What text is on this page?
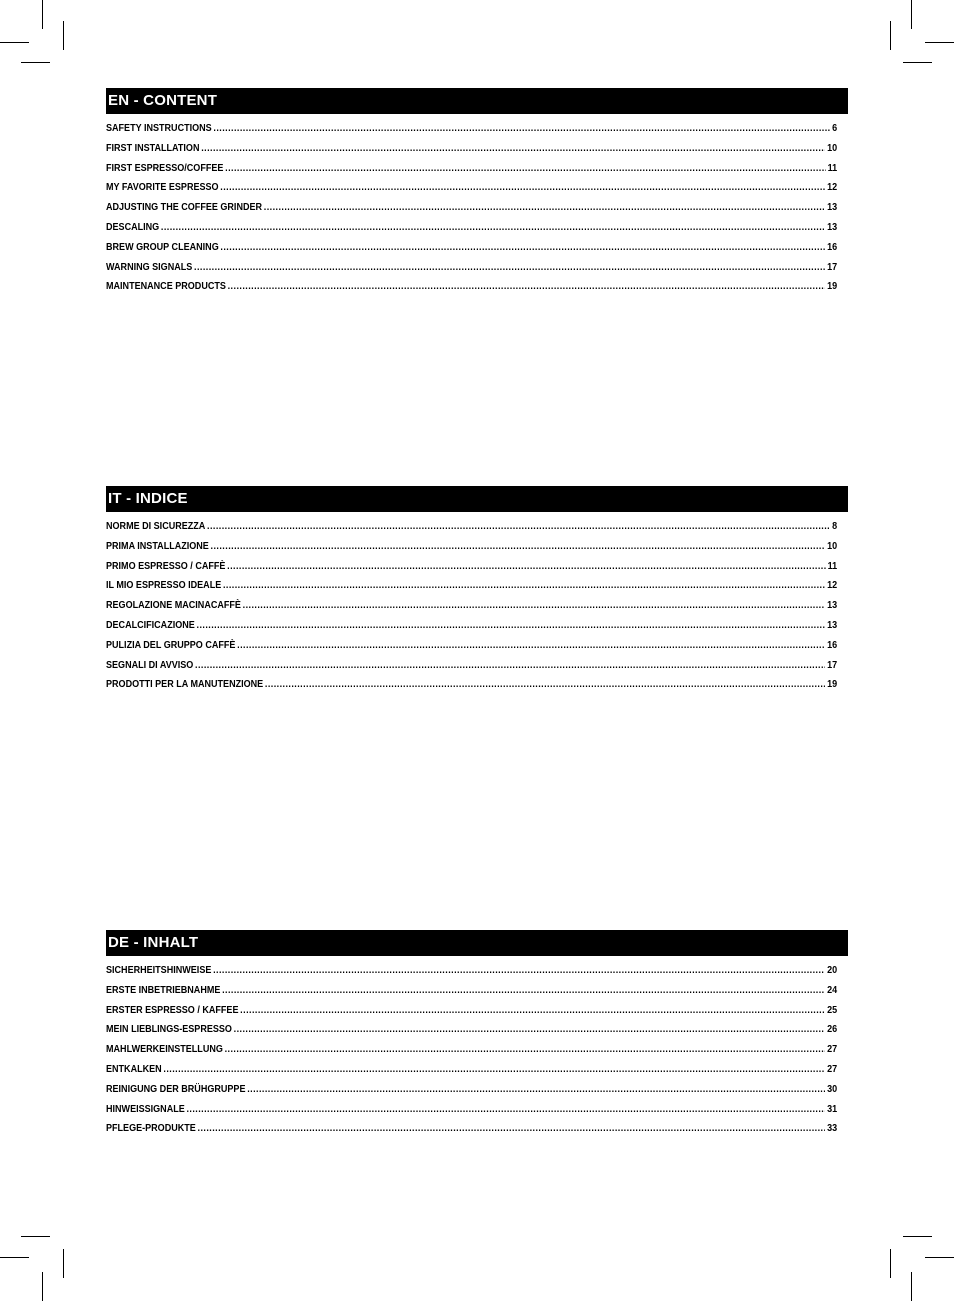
EN - CONTENT
SAFETY INSTRUCTIONS .....	6
FIRST INSTALLATION .....	10
FIRST ESPRESSO/COFFEE .....	11
MY FAVORITE ESPRESSO .....	12
ADJUSTING THE COFFEE GRINDER .....	13
DESCALING .....	13
BREW GROUP CLEANING .....	16
WARNING SIGNALS .....	17
MAINTENANCE PRODUCTS .....	19
IT - INDICE
NORME DI SICUREZZA .....	8
PRIMA INSTALLAZIONE .....	10
PRIMO ESPRESSO / CAFFÈ .....	11
IL MIO ESPRESSO IDEALE .....	12
REGOLAZIONE MACINACAFFÈ .....	13
DECALCIFICAZIONE .....	13
PULIZIA DEL GRUPPO CAFFÈ .....	16
SEGNALI DI AVVISO .....	17
PRODOTTI PER LA MANUTENZIONE .....	19
DE - INHALT
SICHERHEITSHINWEISE .....	20
ERSTE INBETRIEBNAHME .....	24
ERSTER ESPRESSO / KAFFEE .....	25
MEIN LIEBLINGS-ESPRESSO .....	26
MAHLWERKEINSTELLUNG .....	27
ENTKALKEN .....	27
REINIGUNG DER BRÜHGRUPPE .....	30
HINWEISSIGNALE .....	31
PFLEGE-PRODUKTE .....	33
